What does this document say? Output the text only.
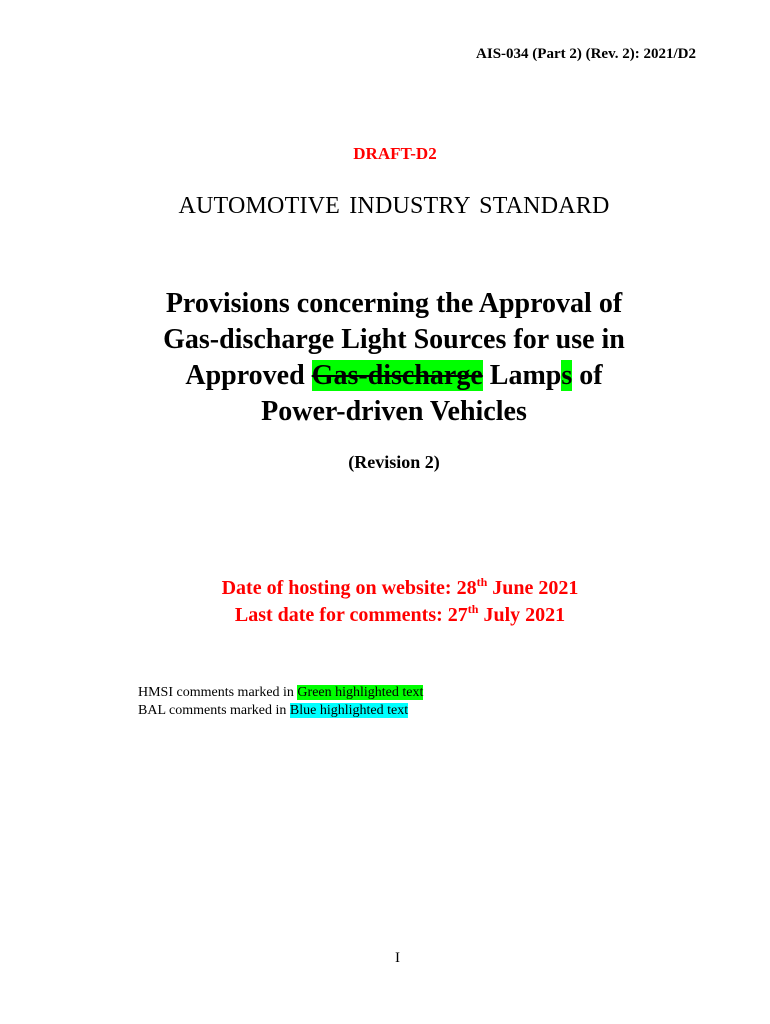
AIS-034 (Part 2) (Rev. 2): 2021/D2
DRAFT-D2
AUTOMOTIVE INDUSTRY STANDARD
Provisions concerning the Approval of
Gas-discharge Light Sources for use in
Approved Gas-discharge Lamps of
Power-driven Vehicles
(Revision 2)
Date of hosting on website: 28th June 2021
Last date for comments: 27th July 2021
HMSI comments marked in Green highlighted text
BAL comments marked in Blue highlighted text
I
